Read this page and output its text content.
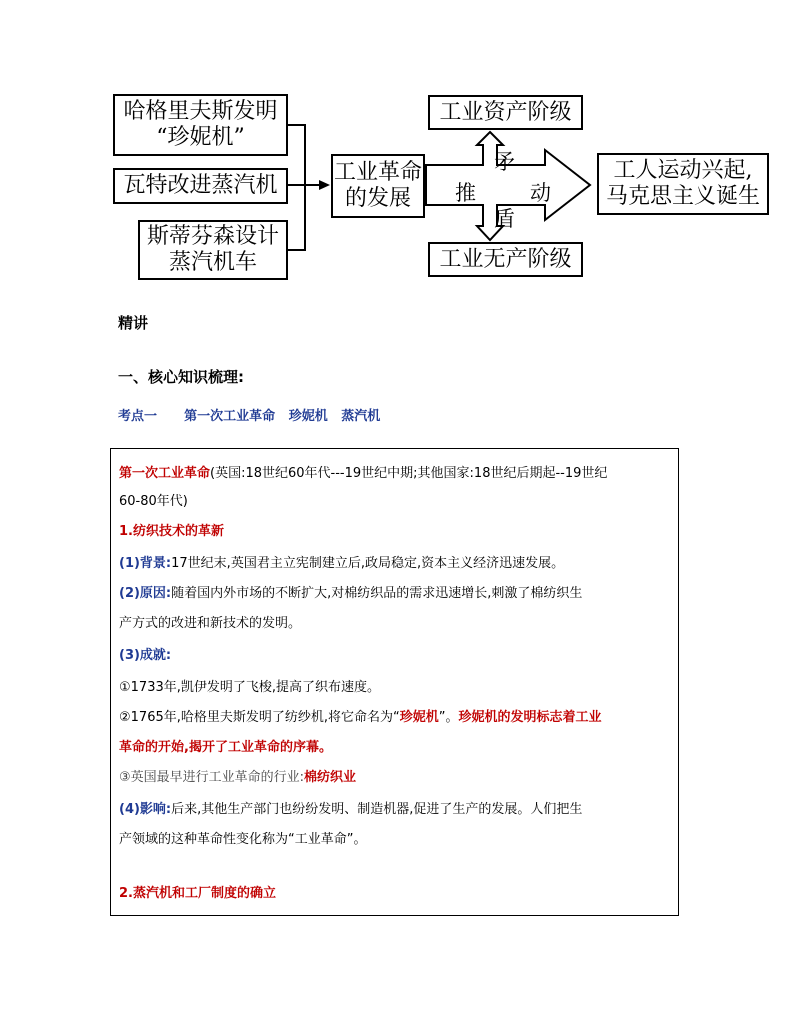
哈格里夫斯发明
“珍妮机”
瓦特改进蒸汽机
斯蒂芬森设计
蒸汽机车
工业革命
的发展
工业资产阶级
工业无产阶级
工人运动兴起,
马克思主义诞生
矛
盾
推	动
精讲
一、核心知识梳理:
考点一      第一次工业革命   珍妮机   蒸汽机
第一次工业革命(英国:18世纪60年代---19世纪中期;其他国家:18世纪后期起--19世纪
60-80年代)
1.纺织技术的革新
(1)背景:17世纪末,英国君主立宪制建立后,政局稳定,资本主义经济迅速发展。
(2)原因:随着国内外市场的不断扩大,对棉纺织品的需求迅速增长,刺激了棉纺织生
产方式的改进和新技术的发明。
(3)成就:
①1733年,凯伊发明了飞梭,提高了织布速度。
②1765年,哈格里夫斯发明了纺纱机,将它命名为“珍妮机”。珍妮机的发明标志着工业
革命的开始,揭开了工业革命的序幕。
③英国最早进行工业革命的行业:棉纺织业
(4)影响:后来,其他生产部门也纷纷发明、制造机器,促进了生产的发展。人们把生
产领域的这种革命性变化称为“工业革命”。
2.蒸汽机和工厂制度的确立
